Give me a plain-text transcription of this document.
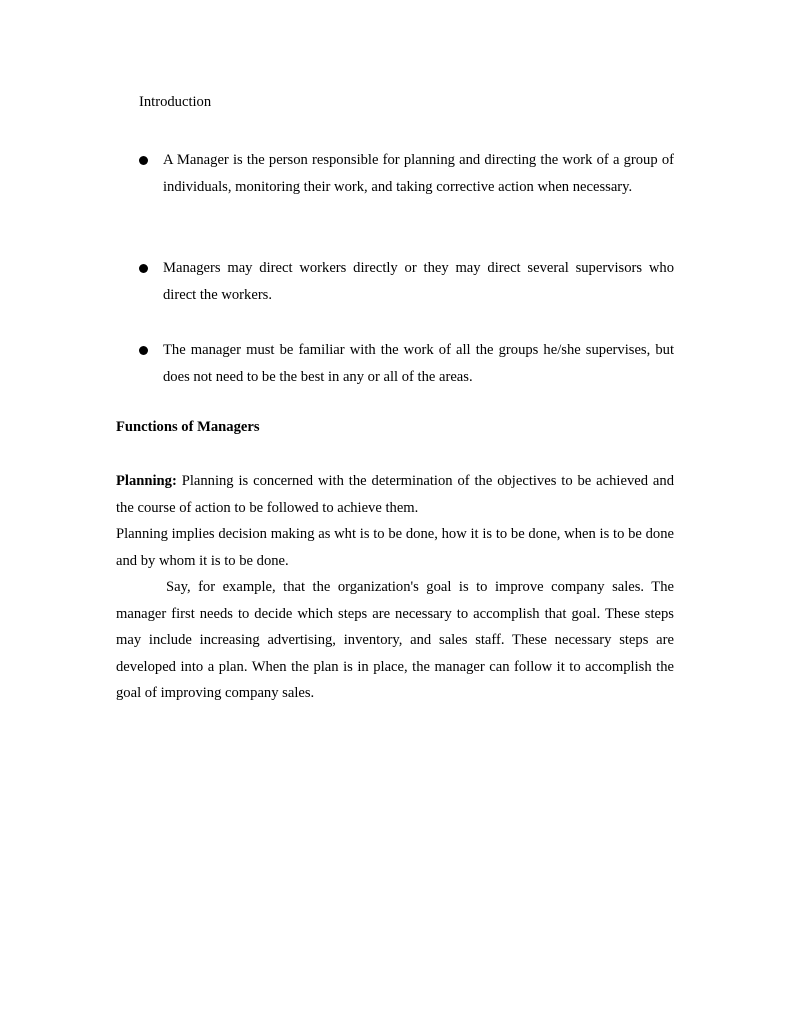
Introduction

A Manager is the person responsible for planning and directing the work of a group of individuals, monitoring their work, and taking corrective action when necessary.

Managers may direct workers directly or they may direct several supervisors who direct the workers.

The manager must be familiar with the work of all the groups he/she supervises, but does not need to be the best in any or all of the areas.

Functions of Managers

Planning: Planning is concerned with the determination of the objectives to be achieved and the course of action to be followed to achieve them.

Planning implies decision making as wht is to be done, how it is to be done, when is to be done and by whom it is to be done.

Say, for example, that the organization's goal is to improve company sales. The manager first needs to decide which steps are necessary to accomplish that goal. These steps may include increasing advertising, inventory, and sales staff. These necessary steps are developed into a plan. When the plan is in place, the manager can follow it to accomplish the goal of improving company sales.
